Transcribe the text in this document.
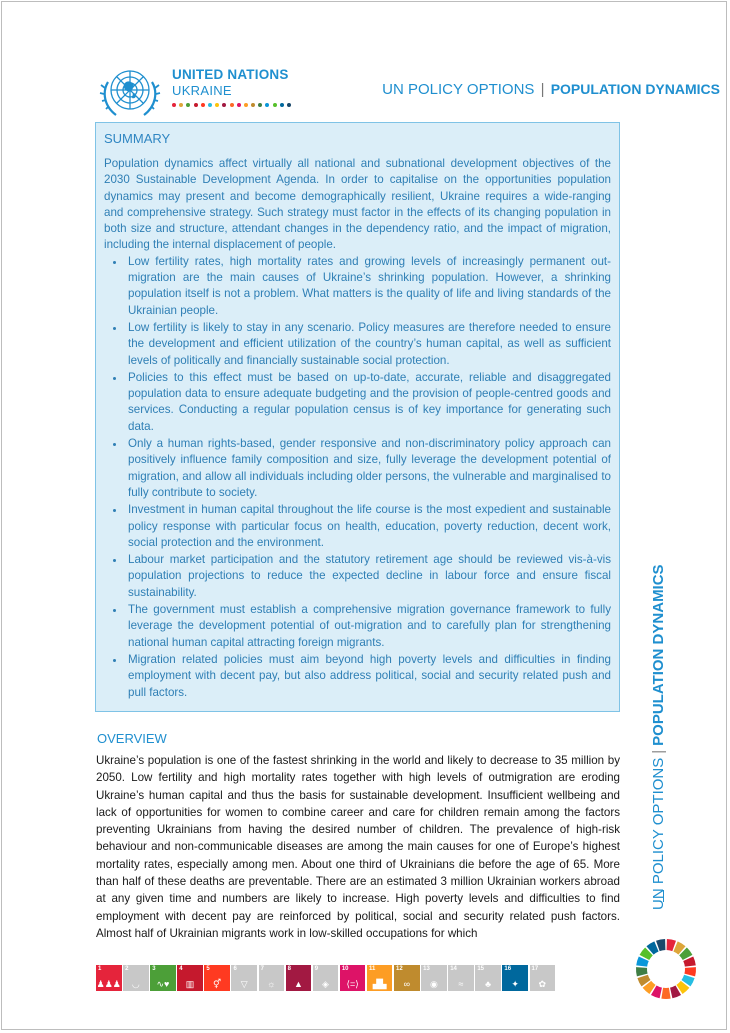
UNITED NATIONS
UKRAINE	UN POLICY OPTIONS | POPULATION DYNAMICS
SUMMARY

Population dynamics affect virtually all national and subnational development objectives of the 2030 Sustainable Development Agenda. In order to capitalise on the opportunities population dynamics may present and become demographically resilient, Ukraine requires a wide-ranging and comprehensive strategy. Such strategy must factor in the effects of its changing population in both size and structure, attendant changes in the dependency ratio, and the impact of migration, including the internal displacement of people.

• Low fertility rates, high mortality rates and growing levels of increasingly permanent out-migration are the main causes of Ukraine’s shrinking population. However, a shrinking population itself is not a problem. What matters is the quality of life and living standards of the Ukrainian people.
• Low fertility is likely to stay in any scenario. Policy measures are therefore needed to ensure the development and efficient utilization of the country’s human capital, as well as sufficient levels of politically and financially sustainable social protection.
• Policies to this effect must be based on up-to-date, accurate, reliable and disaggregated population data to ensure adequate budgeting and the provision of people-centred goods and services. Conducting a regular population census is of key importance for generating such data.
• Only a human rights-based, gender responsive and non-discriminatory policy approach can positively influence family composition and size, fully leverage the development potential of migration, and allow all individuals including older persons, the vulnerable and marginalised to fully contribute to society.
• Investment in human capital throughout the life course is the most expedient and sustainable policy response with particular focus on health, education, poverty reduction, decent work, social protection and the environment.
• Labour market participation and the statutory retirement age should be reviewed vis-à-vis population projections to reduce the expected decline in labour force and ensure fiscal sustainability.
• The government must establish a comprehensive migration governance framework to fully leverage the development potential of out-migration and to carefully plan for strengthening national human capital attracting foreign migrants.
• Migration related policies must aim beyond high poverty levels and difficulties in finding employment with decent pay, but also address political, social and security related push and pull factors.
OVERVIEW

Ukraine’s population is one of the fastest shrinking in the world and likely to decrease to 35 million by 2050. Low fertility and high mortality rates together with high levels of outmigration are eroding Ukraine’s human capital and thus the basis for sustainable development. Insufficient wellbeing and lack of opportunities for women to combine career and care for children remain among the factors preventing Ukrainians from having the desired number of children. The prevalence of high-risk behaviour and non-communicable diseases are among the main causes for one of Europe’s highest mortality rates, especially among men. About one third of Ukrainians die before the age of 65. More than half of these deaths are preventable. There are an estimated 3 million Ukrainian workers abroad at any given time and numbers are likely to increase. High poverty levels and difficulties to find employment with decent pay are reinforced by political, social and security related push factors. Almost half of Ukrainian migrants work in low-skilled occupations for which

UN POLICY OPTIONS|POPULATION DYNAMICS
1
♟♟♟
2
◡
3
∿♥
4
▥
5
⚥
6
▽
7
☼
8
▲
9
◈
10
⟨=⟩
11
▟▙
12
∞
13
◉
14
≈
15
♣
16
✦
17
✿
